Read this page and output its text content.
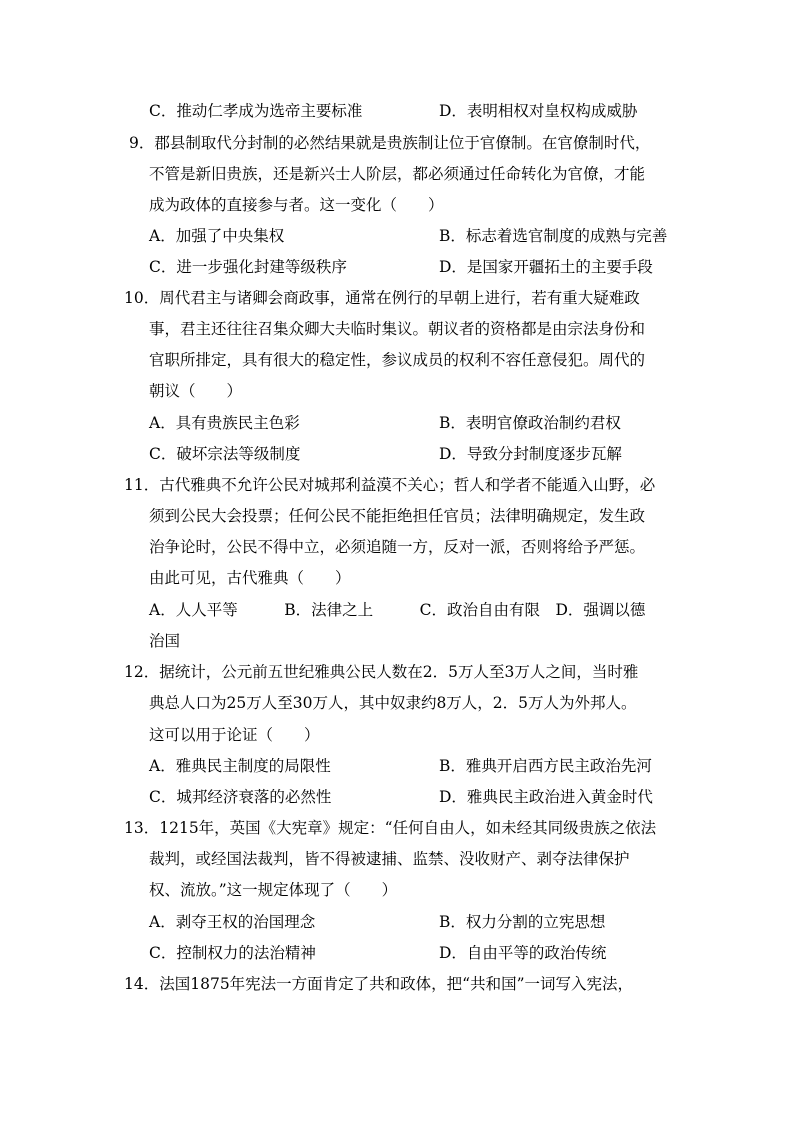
C．推动仁孝成为选帝主要标准	D．表明相权对皇权构成威胁
9．郡县制取代分封制的必然结果就是贵族制让位于官僚制。在官僚制时代，
不管是新旧贵族，还是新兴士人阶层，都必须通过任命转化为官僚，才能
成为政体的直接参与者。这一变化（　　）
A．加强了中央集权	B．标志着选官制度的成熟与完善
C．进一步强化封建等级秩序	D．是国家开疆拓土的主要手段
10．周代君主与诸卿会商政事，通常在例行的早朝上进行，若有重大疑难政
事，君主还往往召集众卿大夫临时集议。朝议者的资格都是由宗法身份和
官职所排定，具有很大的稳定性，参议成员的权利不容任意侵犯。周代的
朝议（　　）
A．具有贵族民主色彩	B．表明官僚政治制约君权
C．破坏宗法等级制度	D．导致分封制度逐步瓦解
11．古代雅典不允许公民对城邦利益漠不关心；哲人和学者不能遁入山野，必
须到公民大会投票；任何公民不能拒绝担任官员；法律明确规定，发生政
治争论时，公民不得中立，必须追随一方，反对一派，否则将给予严惩。
由此可见，古代雅典（　　）
A．人人平等　　　B．法律之上　　　C．政治自由有限　D．强调以德
治国
12．据统计，公元前五世纪雅典公民人数在2．5万人至3万人之间，当时雅
典总人口为25万人至30万人，其中奴隶约8万人，2．5万人为外邦人。
这可以用于论证（　　）
A．雅典民主制度的局限性	B．雅典开启西方民主政治先河
C．城邦经济衰落的必然性	D．雅典民主政治进入黄金时代
13．1215年，英国《大宪章》规定：“任何自由人，如未经其同级贵族之依法
裁判，或经国法裁判，皆不得被逮捕、监禁、没收财产、剥夺法律保护
权、流放。”这一规定体现了（　　）
A．剥夺王权的治国理念	B．权力分割的立宪思想
C．控制权力的法治精神	D．自由平等的政治传统
14．法国1875年宪法一方面肯定了共和政体，把“共和国”一词写入宪法，
